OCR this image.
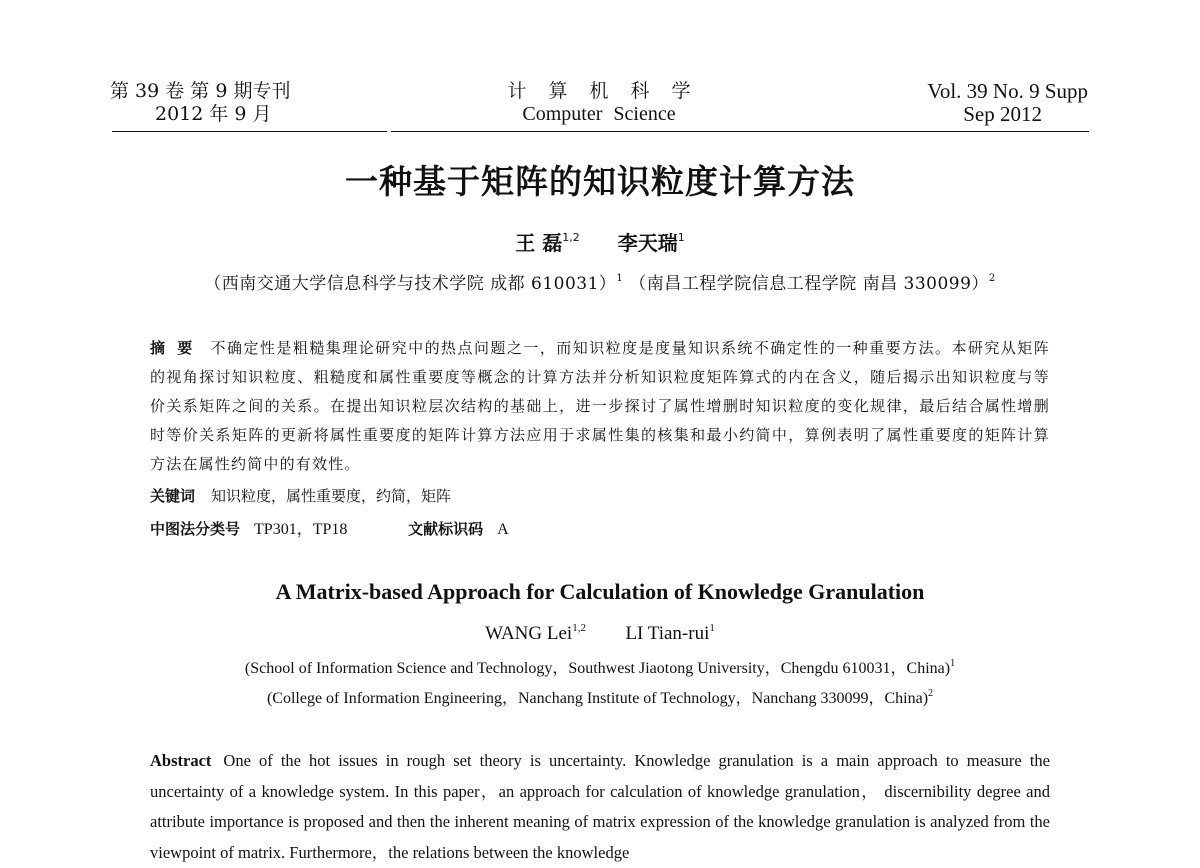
第 39 卷 第 9 期专刊
2012 年 9 月
计算机科学
Computer Science
Vol. 39 No. 9 Supp
Sep 2012
一种基于矩阵的知识粒度计算方法
王 磊$^{1,2}$ 李天瑞$^1$
（西南交通大学信息科学与技术学院 成都 610031）$^1$ （南昌工程学院信息工程学院 南昌 330099）$^2$
摘要 不确定性是粗糙集理论研究中的热点问题之一，而知识粒度是度量知识系统不确定性的一种重要方法。本研究从矩阵的视角探讨知识粒度、粗糙度和属性重要度等概念的计算方法并分析知识粒度矩阵算式的内在含义，随后揭示出知识粒度与等价关系矩阵之间的关系。在提出知识粒层次结构的基础上，进一步探讨了属性增删时知识粒度的变化规律，最后结合属性增删时等价关系矩阵的更新将属性重要度的矩阵计算方法应用于求属性集的核集和最小约简中，算例表明了属性重要度的矩阵计算方法在属性约简中的有效性。
关键词 知识粒度，属性重要度，约简，矩阵
中图法分类号 TP301，TP18	文献标识码 A
A Matrix-based Approach for Calculation of Knowledge Granulation
WANG Lei$^{1,2}$ LI Tian-rui$^1$
(School of Information Science and Technology，Southwest Jiaotong University，Chengdu 610031，China)$^1$
(College of Information Engineering，Nanchang Institute of Technology，Nanchang 330099，China)$^2$
Abstract One of the hot issues in rough set theory is uncertainty. Knowledge granulation is a main approach to measure the uncertainty of a knowledge system. In this paper，an approach for calculation of knowledge granulation， discernibility degree and attribute importance is proposed and then the inherent meaning of matrix expression of the knowledge granulation is analyzed from the viewpoint of matrix. Furthermore，the relations between the knowledge
